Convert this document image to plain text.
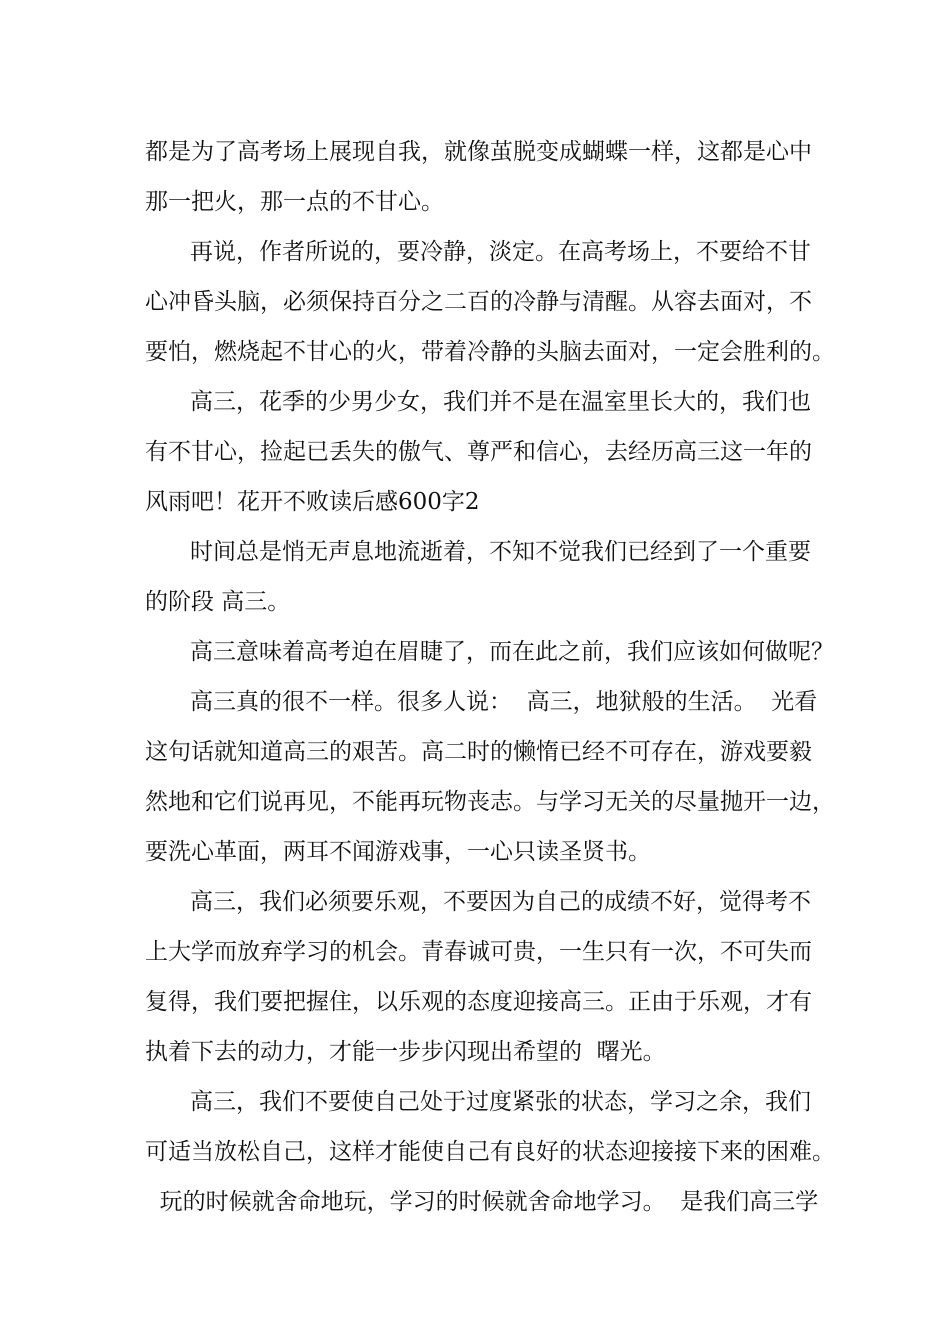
都是为了高考场上展现自我，就像茧脱变成蝴蝶一样，这都是心中

那一把火，那一点的不甘心。

再说，作者所说的，要冷静，淡定。在高考场上，不要给不甘

心冲昏头脑，必须保持百分之二百的冷静与清醒。从容去面对，不

要怕，燃烧起不甘心的火，带着冷静的头脑去面对，一定会胜利的。

高三，花季的少男少女，我们并不是在温室里长大的，我们也

有不甘心，捡起已丢失的傲气、尊严和信心，去经历高三这一年的

风雨吧！花开不败读后感600字2

时间总是悄无声息地流逝着，不知不觉我们已经到了一个重要

的阶段 高三。

高三意味着高考迫在眉睫了，而在此之前，我们应该如何做呢？

高三真的很不一样。很多人说：  高三，地狱般的生活。  光看

这句话就知道高三的艰苦。高二时的懒惰已经不可存在，游戏要毅

然地和它们说再见，不能再玩物丧志。与学习无关的尽量抛开一边，

要洗心革面，两耳不闻游戏事，一心只读圣贤书。

高三，我们必须要乐观，不要因为自己的成绩不好，觉得考不

上大学而放弃学习的机会。青春诚可贵，一生只有一次，不可失而

复得，我们要把握住，以乐观的态度迎接高三。正由于乐观，才有

执着下去的动力，才能一步步闪现出希望的  曙光。

高三，我们不要使自己处于过度紧张的状态，学习之余，我们

可适当放松自己，这样才能使自己有良好的状态迎接接下来的困难。

玩的时候就舍命地玩，学习的时候就舍命地学习。  是我们高三学
